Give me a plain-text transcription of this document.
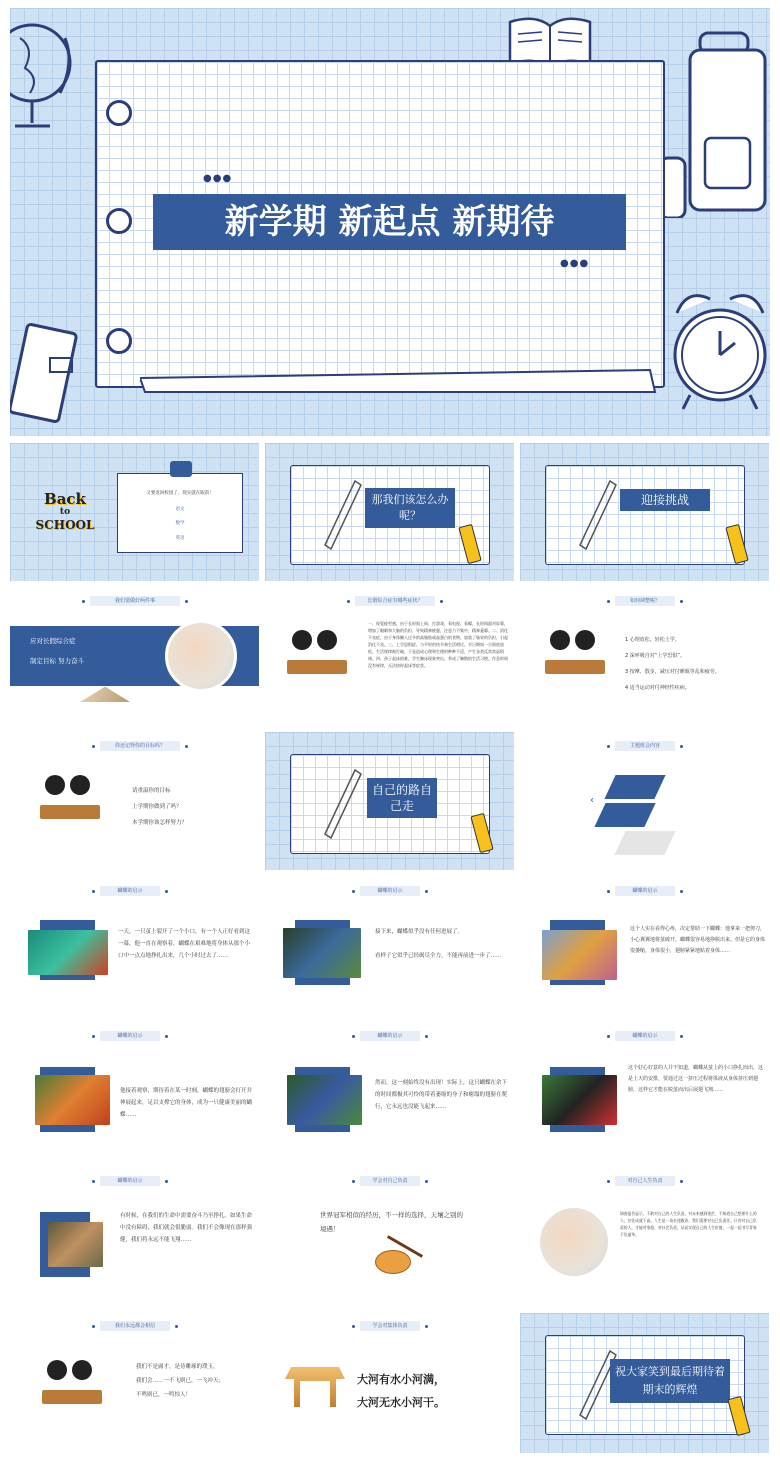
●●●
●●●
新学期 新起点 新期待
Back
to
SCHOOL
又要返回校园了，现实就在眼前！
语文
数学
英语
那我们该怎么办呢？
迎接挑战
我们要做好两件事
应对长假综合症
制定目标 努力奋斗
长假综合症有哪些症状？
一、现觉疲劳感，由于长时间上网、打游戏、看电视、看碟，长时间面对屏幕，增加了眼睛和大脑的负担，导致精神疲惫，注意力不集中，精神萎靡。二、消化不良症，由于身体懒入过多的高脂肪或高蛋白的食物，加重了肠胃的负担，引起消化不良。三、上学恐惧症，与平时的快节奏生活相比，节日期间一旦彻底放松，生活规律被打破，于是造成心理和生理的种种不适，产生各类反常焦虑情绪。四、孩子起床困难，学生懒床现象突出，养成了懒散的生活习惯，作息时间没有规律，无法按时起床等症状。
如何调整呢？
1 心理放松，轻松上学。
2 深呼吸自对“上学恐惧”。
3 按摩、散步，减压对付睡眠等乱和疲劳。
4 适当运动对付神经性疾病。
你还记得你的目标吗？
请重温你的目标
上学期你做到了吗？
本学期你该怎样努力？
自己的路自己走
主题班会内容
‹
蝴蝶的启示
一天，一只茧上裂开了一个小口，有一个人正好看到这一幕，他一直在观察着，蝴蝶在艰难地将身体从那个小口中一点点地挣扎出来，几个小时过去了……
蝴蝶的启示
接下来，蝴蝶似乎没有任何进展了。
看样子它似乎已经竭尽全力，不能再前进一步了……
蝴蝶的启示
这个人实在看得心疼，决定帮助一下蝴蝶：他拿来一把剪刀，小心翼翼地将茧破开，蝴蝶很容易地挣脱出来。但是它的身体很萎缩，身体很小，翅膀紧紧地贴着身体……
蝴蝶的启示
他接着观察，期待着在某一时刻，蝴蝶的翅膀会打开并伸展起来，足以支撑它的身体，成为一只健康美丽的蝴蝶……
蝴蝶的启示
然而，这一刻始终没有出现！实际上，这只蝴蝶在余下的时间都极其可怜的带着萎缩的身子和瘪塌的翅膀在爬行，它永远也没能飞起来……
蝴蝶的启示
这个好心好意的人并不知道，蝴蝶从茧上的小口挣扎而出，这是上天的安排，要通过这一挤压过程将体液从身体挤压到翅膀，这样它才能在脱茧而出后展翅飞翔……
蝴蝶的启示
有时候，在我们的生命中需要奋斗乃至挣扎。如果生命中没有障碍，我们就会很脆弱。我们不会像现在那样强健，我们将永远不能飞翔……
学会对自己负责
世界冠军相似的经历，不一样的选择，天壤之别的境遇！
对自己人生负责
调查报告显示，不敢对自己的人生负责，对未来感到迷茫，不知道自己想要什么的人，往往成就不高。人生是一场长途跋涉，我们需要对自己负责任。只有对自己负责的人，才能对家庭、对社会负责，从而实现自己的人生价值，一起一起书写青春不负韶华。
我们永远都会相信
我们不是庸才，是待雕琢的璞玉，
我们会……一不飞则已，一飞冲天；
不鸣则已，一鸣惊人！
学会对集体负责
大河有水小河满，
大河无水小河干。
祝大家笑到最后期待着期末的辉煌
